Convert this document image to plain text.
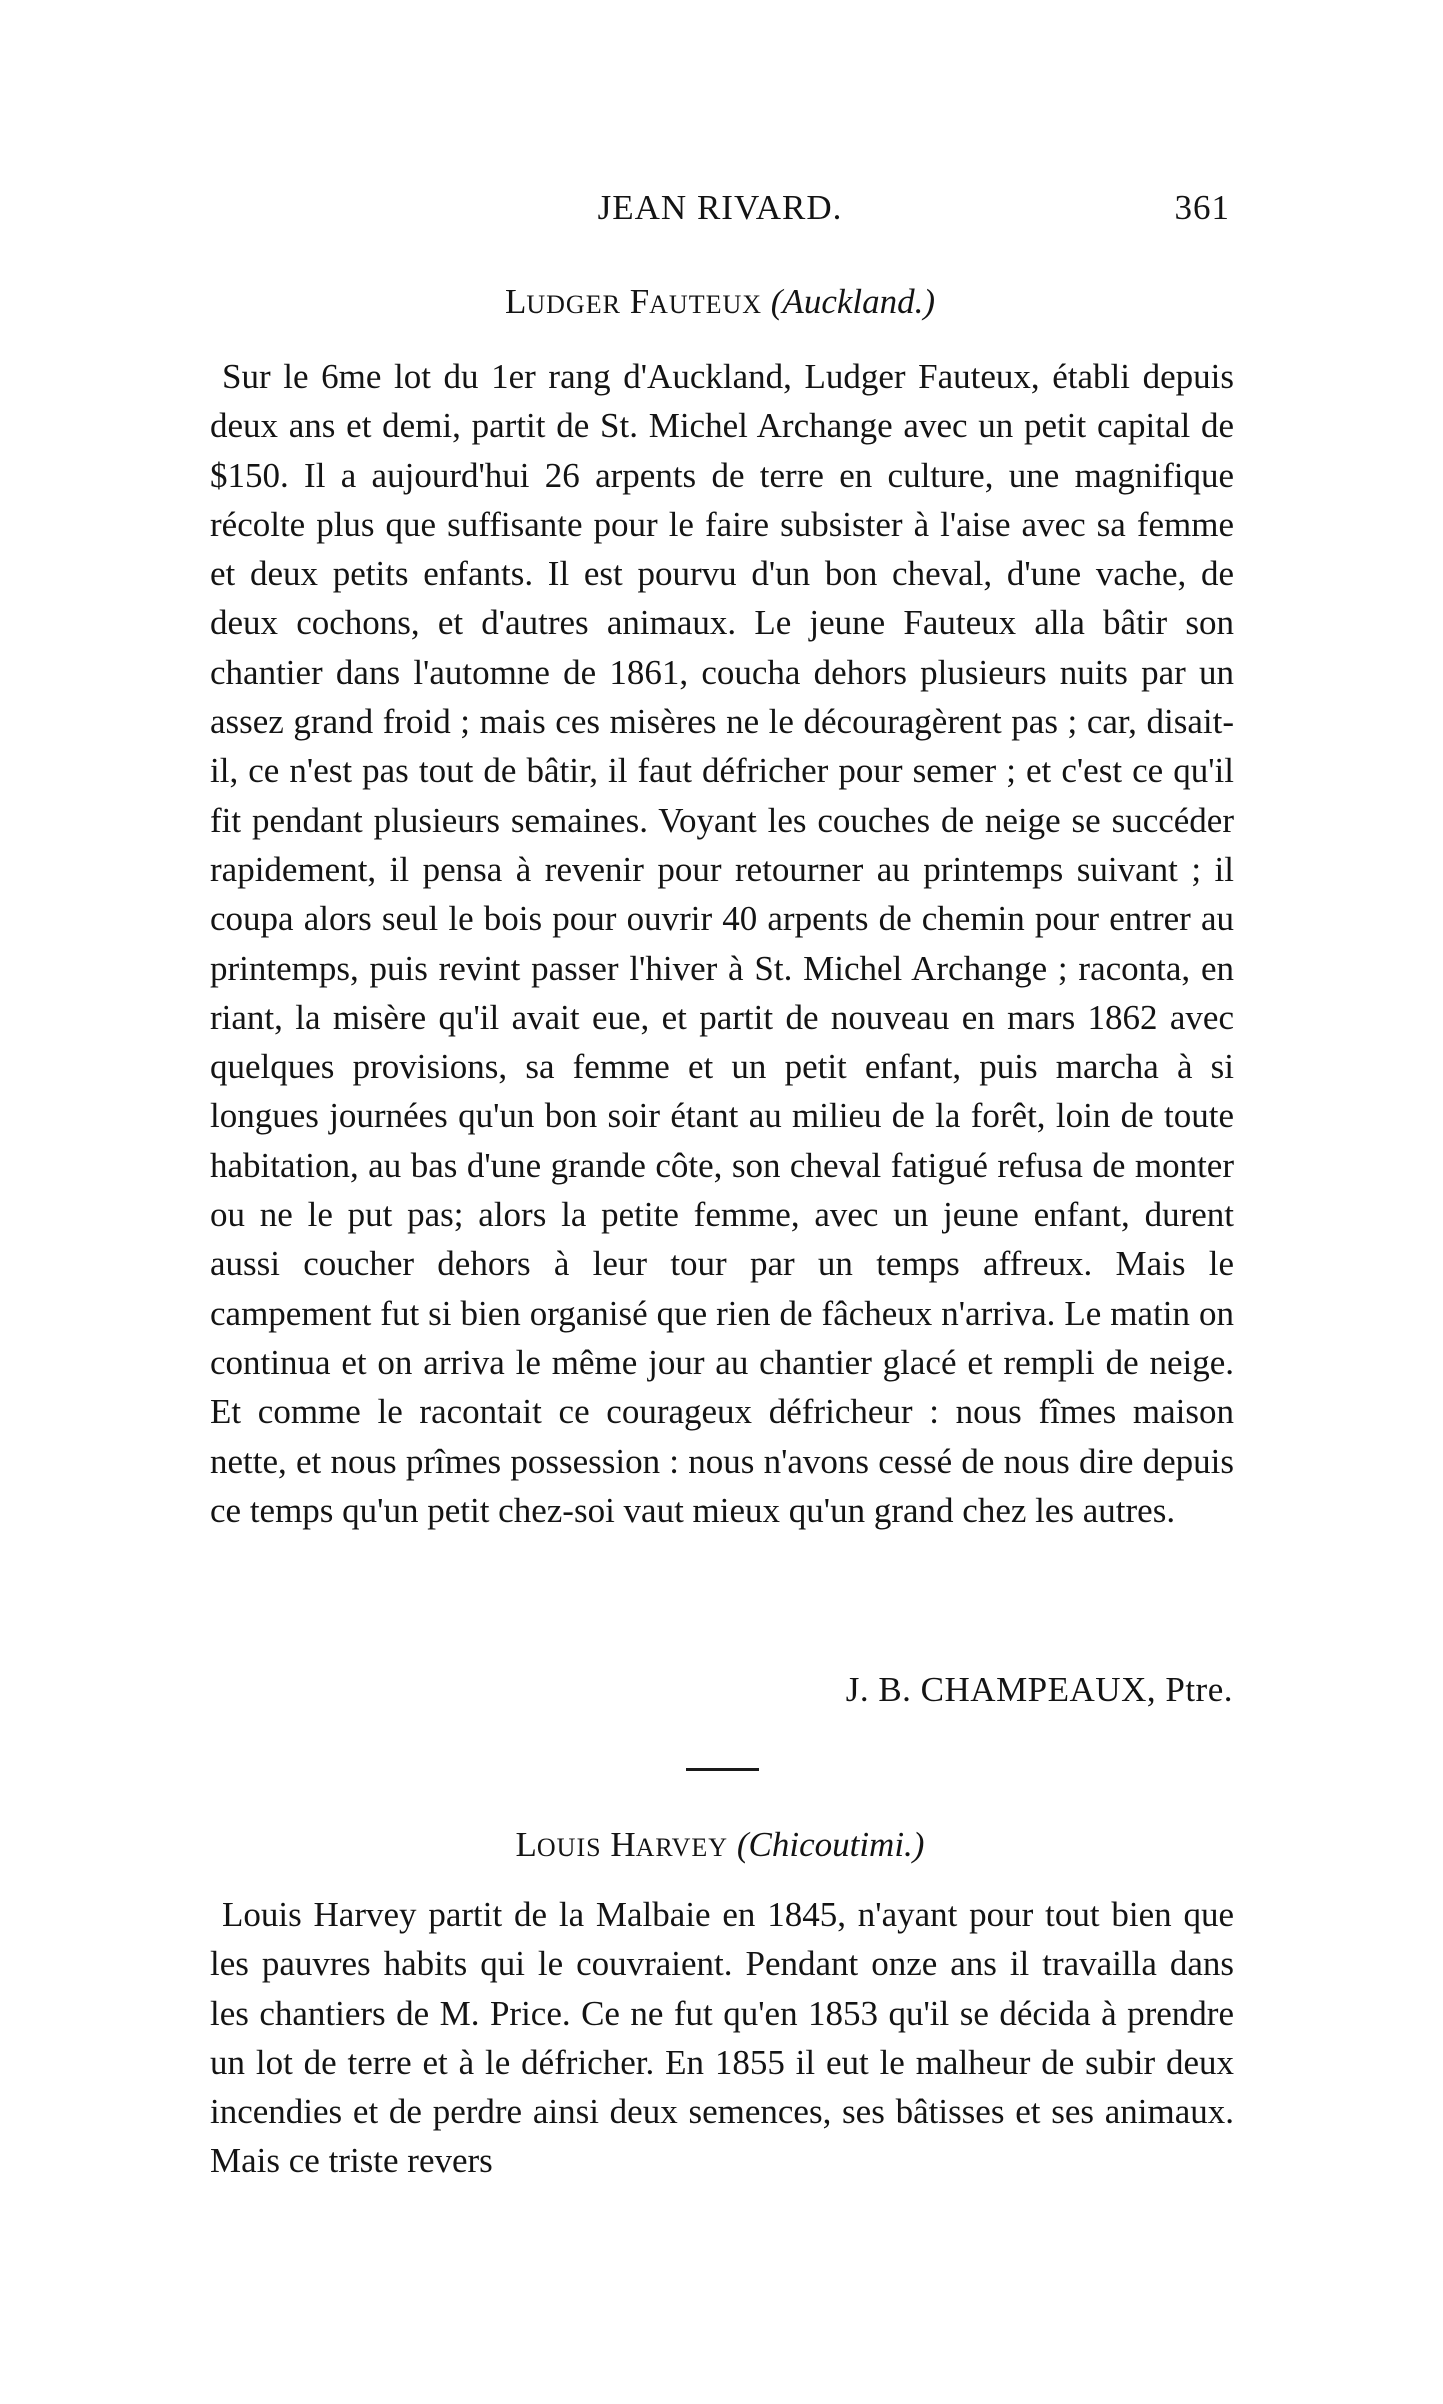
JEAN RIVARD.	361
LUDGER FAUTEUX (Auckland.)

Sur le 6me lot du 1er rang d'Auckland, Ludger Fauteux, établi depuis deux ans et demi, partit de St. Michel Archange avec un petit capital de $150. Il a aujourd'hui 26 arpents de terre en culture, une magnifique récolte plus que suffisante pour le faire subsister à l'aise avec sa femme et deux petits enfants. Il est pourvu d'un bon cheval, d'une vache, de deux cochons, et d'autres animaux. Le jeune Fauteux alla bâtir son chantier dans l'automne de 1861, coucha dehors plusieurs nuits par un assez grand froid ; mais ces misères ne le découragèrent pas ; car, disait-il, ce n'est pas tout de bâtir, il faut défricher pour semer ; et c'est ce qu'il fit pendant plusieurs semaines. Voyant les couches de neige se succéder rapidement, il pensa à revenir pour retourner au printemps suivant ; il coupa alors seul le bois pour ouvrir 40 arpents de chemin pour entrer au printemps, puis revint passer l'hiver à St. Michel Archange ; raconta, en riant, la misère qu'il avait eue, et partit de nouveau en mars 1862 avec quelques provisions, sa femme et un petit enfant, puis marcha à si longues journées qu'un bon soir étant au milieu de la forêt, loin de toute habitation, au bas d'une grande côte, son cheval fatigué refusa de monter ou ne le put pas; alors la petite femme, avec un jeune enfant, durent aussi coucher dehors à leur tour par un temps affreux. Mais le campement fut si bien organisé que rien de fâcheux n'arriva. Le matin on continua et on arriva le même jour au chantier glacé et rempli de neige. Et comme le racontait ce courageux défricheur : nous fîmes maison nette, et nous prîmes possession : nous n'avons cessé de nous dire depuis ce temps qu'un petit chez-soi vaut mieux qu'un grand chez les autres.

J. B. CHAMPEAUX, Ptre.
LOUIS HARVEY (Chicoutimi.)

Louis Harvey partit de la Malbaie en 1845, n'ayant pour tout bien que les pauvres habits qui le couvraient. Pendant onze ans il travailla dans les chantiers de M. Price. Ce ne fut qu'en 1853 qu'il se décida à prendre un lot de terre et à le défricher. En 1855 il eut le malheur de subir deux incendies et de perdre ainsi deux semences, ses bâtisses et ses animaux. Mais ce triste revers
